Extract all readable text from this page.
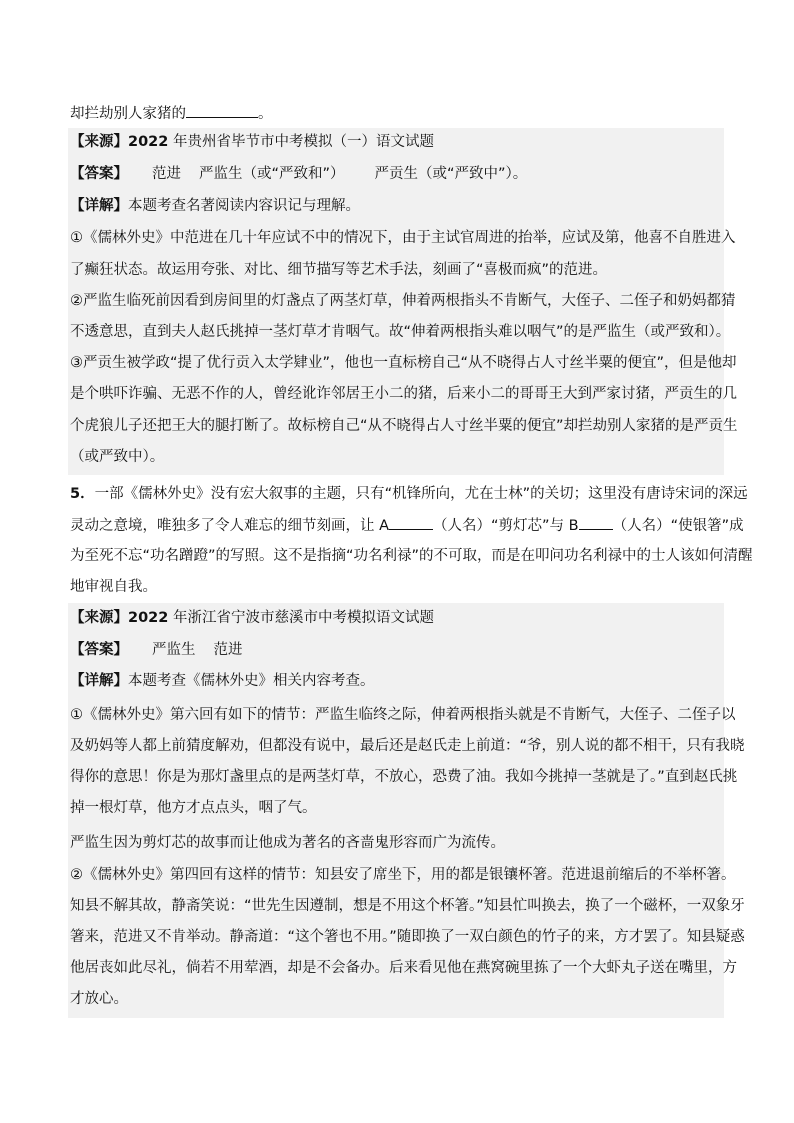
却拦劫别人家猪的	。
【来源】2022 年贵州省毕节市中考模拟（一）语文试题
【答案】 范进 严监生（或“严致和”） 严贡生（或“严致中”）。
【详解】本题考查名著阅读内容识记与理解。
①《儒林外史》中范进在几十年应试不中的情况下，由于主试官周进的抬举，应试及第，他喜不自胜进入
了癫狂状态。故运用夸张、对比、细节描写等艺术手法，刻画了“喜极而疯”的范进。
②严监生临死前因看到房间里的灯盏点了两茎灯草，伸着两根指头不肯断气，大侄子、二侄子和奶妈都猜
不透意思，直到夫人赵氏挑掉一茎灯草才肯咽气。故“伸着两根指头难以咽气”的是严监生（或严致和）。
③严贡生被学政“提了优行贡入太学肄业”，他也一直标榜自己“从不晓得占人寸丝半粟的便宜”，但是他却
是个哄吓诈骗、无恶不作的人，曾经讹诈邻居王小二的猪，后来小二的哥哥王大到严家讨猪，严贡生的几
个虎狼儿子还把王大的腿打断了。故标榜自己“从不晓得占人寸丝半粟的便宜”却拦劫别人家猪的是严贡生
（或严致中）。
5．一部《儒林外史》没有宏大叙事的主题，只有“机锋所向，尤在士林”的关切；这里没有唐诗宋词的深远
灵动之意境，唯独多了令人难忘的细节刻画，让 A	（人名）“剪灯芯”与 B （人名）“使银箸”成
为至死不忘“功名蹭蹬”的写照。这不是指摘“功名利禄”的不可取，而是在叩问功名利禄中的士人该如何清醒
地审视自我。
【来源】2022 年浙江省宁波市慈溪市中考模拟语文试题
【答案】 严监生 范进
【详解】本题考查《儒林外史》相关内容考查。
①《儒林外史》第六回有如下的情节：严监生临终之际，伸着两根指头就是不肯断气，大侄子、二侄子以
及奶妈等人都上前猜度解劝，但都没有说中，最后还是赵氏走上前道：“爷，别人说的都不相干，只有我晓
得你的意思！你是为那灯盏里点的是两茎灯草，不放心，恐费了油。我如今挑掉一茎就是了。”直到赵氏挑
掉一根灯草，他方才点点头，咽了气。
严监生因为剪灯芯的故事而让他成为著名的吝啬鬼形容而广为流传。
②《儒林外史》第四回有这样的情节：知县安了席坐下，用的都是银镶杯箸。范进退前缩后的不举杯箸。
知县不解其故，静斋笑说：“世先生因遵制，想是不用这个杯箸。”知县忙叫换去，换了一个磁杯，一双象牙
箸来，范进又不肯举动。静斋道：“这个箸也不用。”随即换了一双白颜色的竹子的来，方才罢了。知县疑惑
他居丧如此尽礼，倘若不用荤酒，却是不会备办。后来看见他在燕窝碗里拣了一个大虾丸子送在嘴里，方
才放心。
